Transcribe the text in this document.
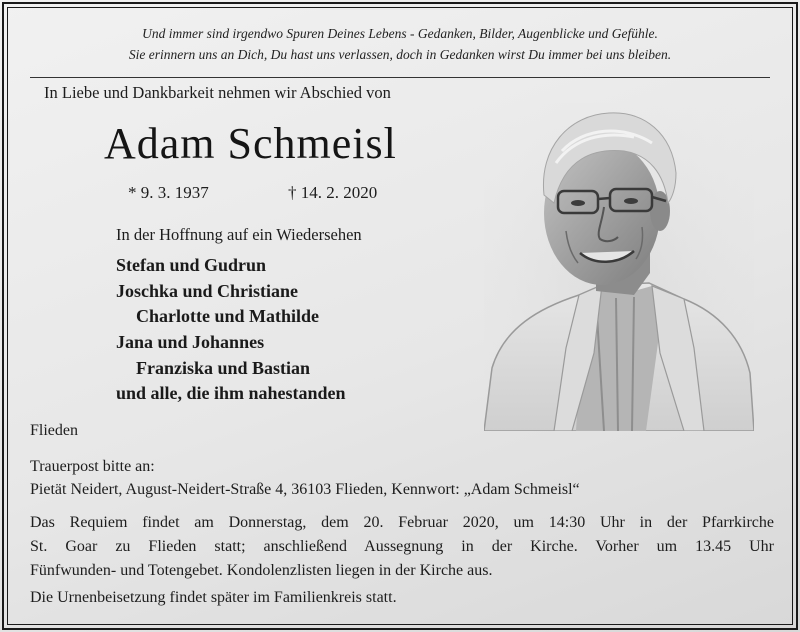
Und immer sind irgendwo Spuren Deines Lebens - Gedanken, Bilder, Augenblicke und Gefühle.
Sie erinnern uns an Dich, Du hast uns verlassen, doch in Gedanken wirst Du immer bei uns bleiben.
In Liebe und Dankbarkeit nehmen wir Abschied von
Adam Schmeisl
* 9. 3. 1937	† 14. 2. 2020
In der Hoffnung auf ein Wiedersehen
Stefan und Gudrun
Joschka und Christiane
Charlotte und Mathilde
Jana und Johannes
Franziska und Bastian
und alle, die ihm nahestanden
Flieden
Trauerpost bitte an:
Pietät Neidert, August-Neidert-Straße 4, 36103 Flieden, Kennwort: „Adam Schmeisl“
Das Requiem findet am Donnerstag, dem 20. Februar 2020, um 14:30 Uhr in der Pfarrkirche
St. Goar zu Flieden statt; anschließend Aussegnung in der Kirche. Vorher um 13.45 Uhr
Fünfwunden- und Totengebet. Kondolenzlisten liegen in der Kirche aus.
Die Urnenbeisetzung findet später im Familienkreis statt.
